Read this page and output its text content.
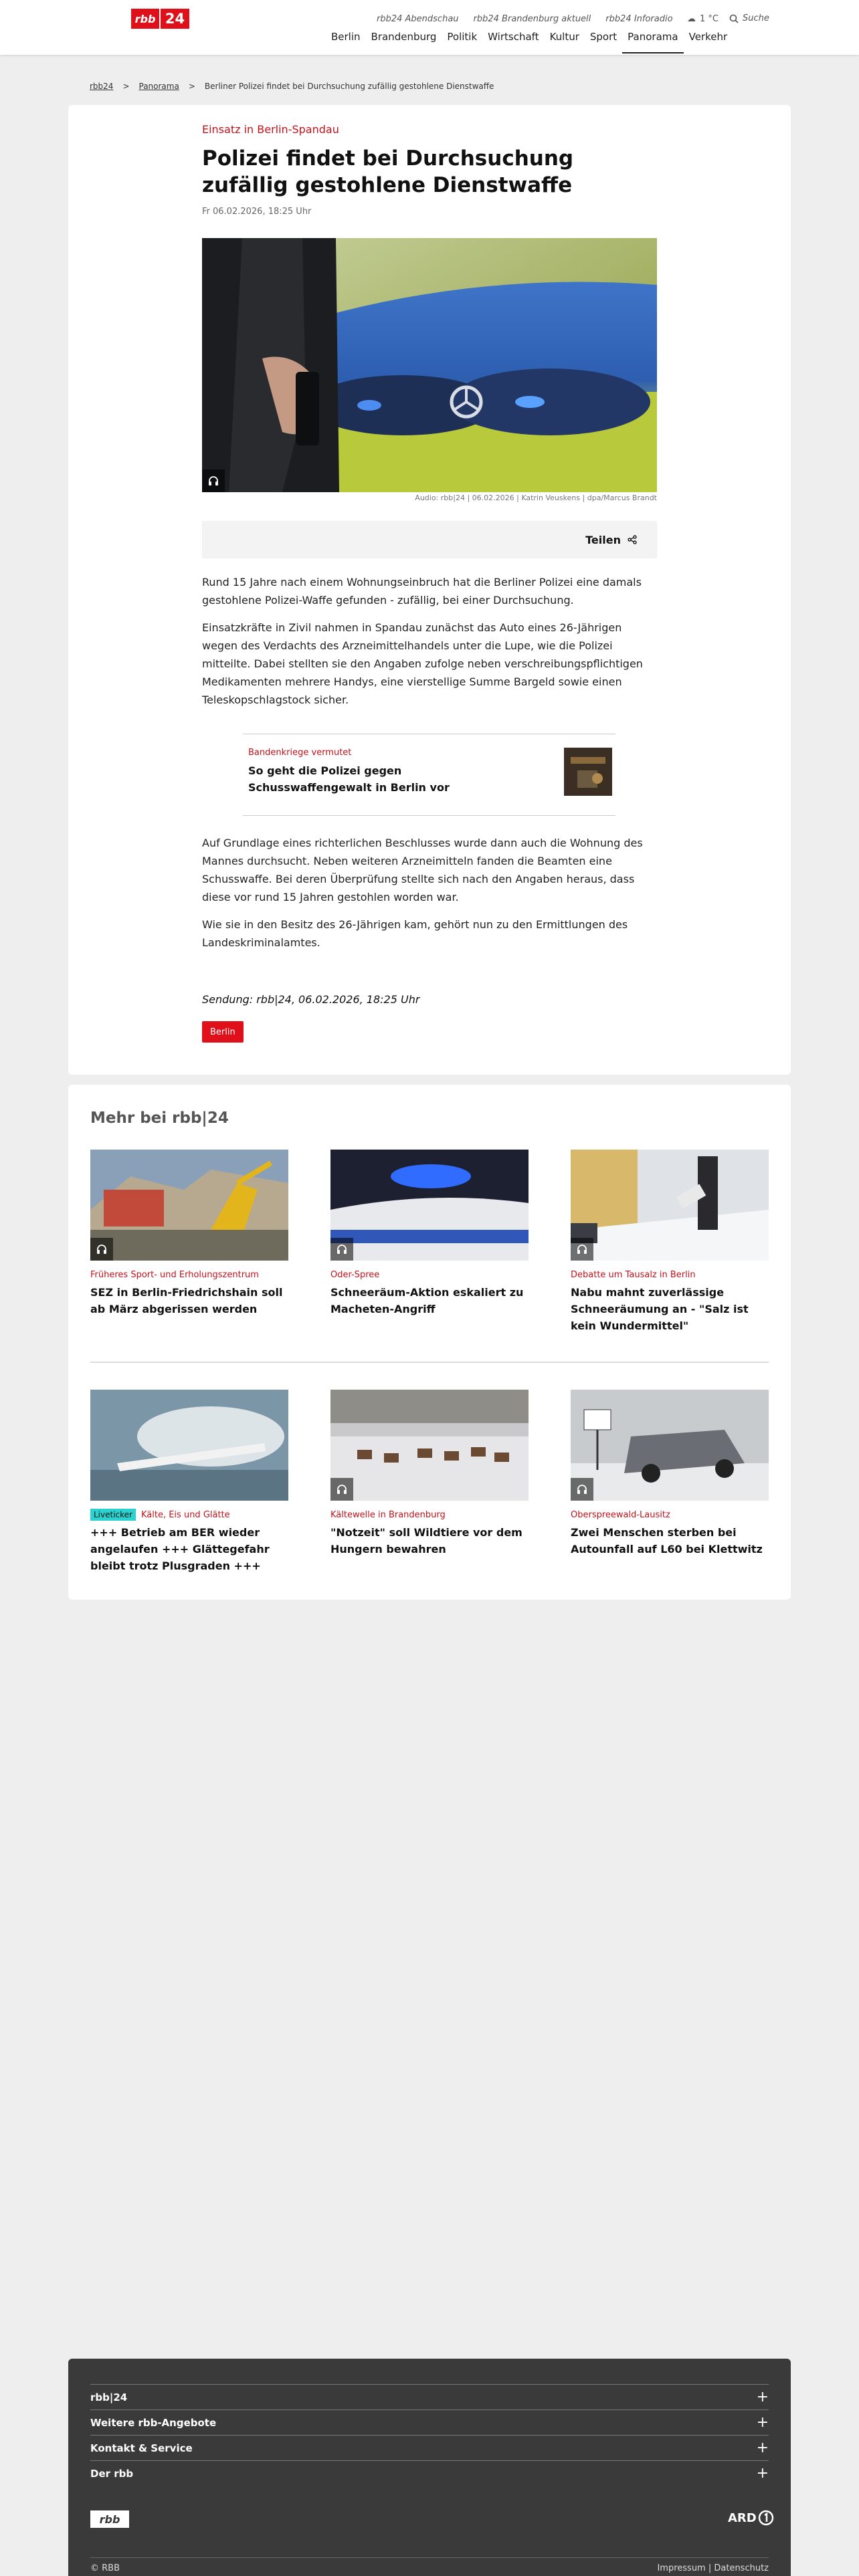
rbb 24	rbb24 Abendschau rbb24 Brandenburg aktuell rbb24 Inforadio ☁ 1 °C	Suche
Berlin	Brandenburg	Politik	Wirtschaft	Kultur	Sport	Panorama	Verkehr
rbb24 > Panorama > Berliner Polizei findet bei Durchsuchung zufällig gestohlene Dienstwaffe
Einsatz in Berlin-Spandau
Polizei findet bei Durchsuchung zufällig gestohlene Dienstwaffe
Fr 06.02.2026, 18:25 Uhr
Audio: rbb|24 | 06.02.2026 | Katrin Veuskens | dpa/Marcus Brandt
Teilen

Rund 15 Jahre nach einem Wohnungseinbruch hat die Berliner Polizei eine damals gestohlene Polizei-Waffe gefunden - zufällig, bei einer Durchsuchung.

Einsatzkräfte in Zivil nahmen in Spandau zunächst das Auto eines 26-Jährigen wegen des Verdachts des Arzneimittelhandels unter die Lupe, wie die Polizei mitteilte. Dabei stellten sie den Angaben zufolge neben verschreibungspflichtigen Medikamenten mehrere Handys, eine vierstellige Summe Bargeld sowie einen Teleskopschlagstock sicher.

Bandenkriege vermutet
So geht die Polizei gegen Schusswaffengewalt in Berlin vor

Auf Grundlage eines richterlichen Beschlusses wurde dann auch die Wohnung des Mannes durchsucht. Neben weiteren Arzneimitteln fanden die Beamten eine Schusswaffe. Bei deren Überprüfung stellte sich nach den Angaben heraus, dass diese vor rund 15 Jahren gestohlen worden war.

Wie sie in den Besitz des 26-Jährigen kam, gehört nun zu den Ermittlungen des Landeskriminalamtes.

Sendung: rbb|24, 06.02.2026, 18:25 Uhr
Berlin
Mehr bei rbb|24
Früheres Sport- und Erholungszentrum
SEZ in Berlin-Friedrichshain soll ab März abgerissen werden
Oder-Spree
Schneeräum-Aktion eskaliert zu Macheten-Angriff
Debatte um Tausalz in Berlin
Nabu mahnt zuverlässige Schneeräumung an - "Salz ist kein Wundermittel"
Liveticker Kälte, Eis und Glätte
+++ Betrieb am BER wieder angelaufen +++ Glättegefahr bleibt trotz Plusgraden +++
Kältewelle in Brandenburg
"Notzeit" soll Wildtiere vor dem Hungern bewahren
Oberspreewald-Lausitz
Zwei Menschen sterben bei Autounfall auf L60 bei Klettwitz
rbb|24	+
Weitere rbb-Angebote	+
Kontakt & Service	+
Der rbb	+
rbb	ARD
© RBB	Impressum | Datenschutz
